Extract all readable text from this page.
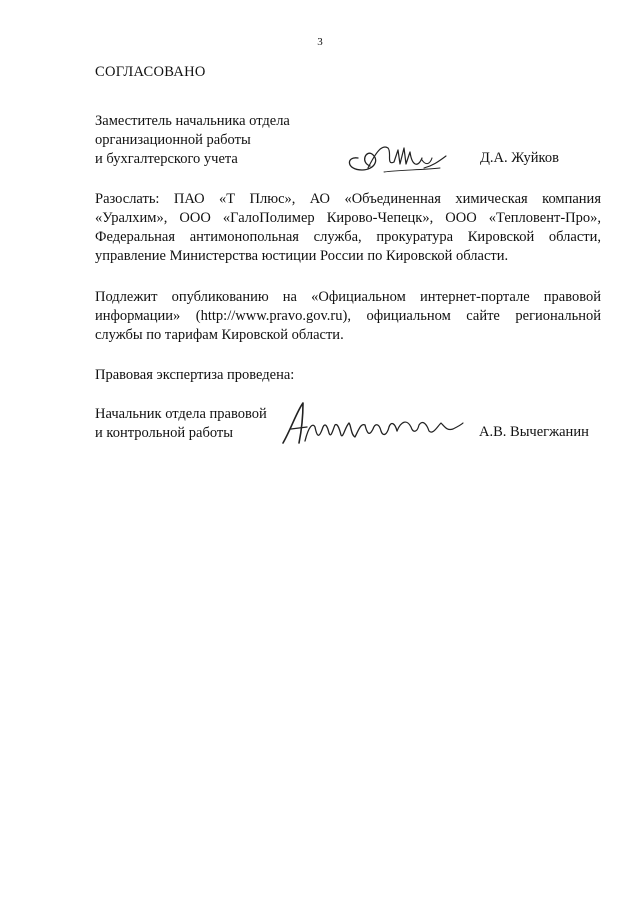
3
СОГЛАСОВАНО
Заместитель начальника отдела
организационной работы
и бухгалтерского учета	Д.А. Жуйков
Разослать: ПАО «Т Плюс», АО «Объединенная химическая компания «Уралхим», ООО «ГалоПолимер Кирово-Чепецк», ООО «Тепловент-Про», Федеральная антимонопольная служба, прокуратура Кировской области, управление Министерства юстиции России по Кировской области.
Подлежит опубликованию на «Официальном интернет-портале правовой информации» (http://www.pravo.gov.ru), официальном сайте региональной службы по тарифам Кировской области.
Правовая экспертиза проведена:
Начальник отдела правовой
и контрольной работы	А.В. Вычегжанин
